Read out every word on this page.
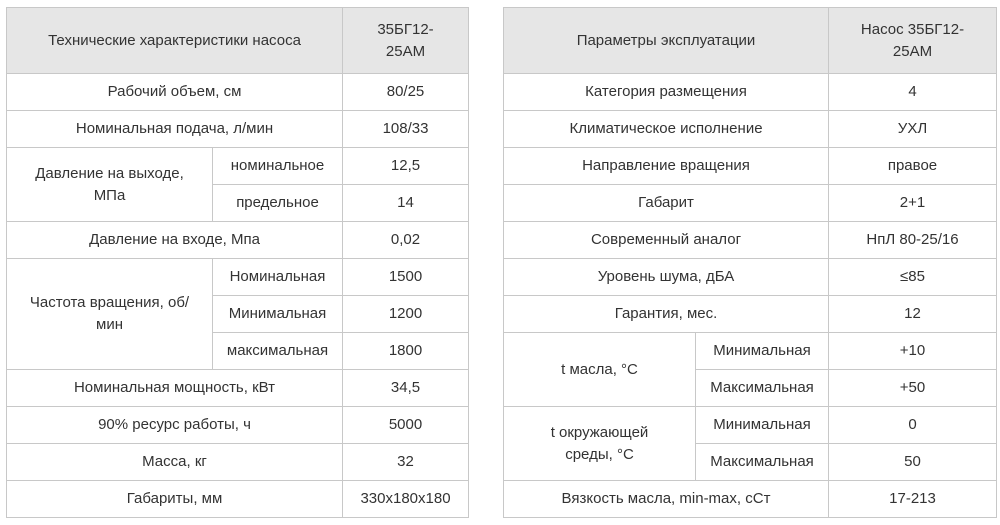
Технические характеристики насоса		35БГ12-25АМ
Рабочий объем, см		80/25
Номинальная подача, л/мин		108/33
Давление на выходе, МПа	номинальное	12,5
	предельное	14
Давление на входе, Мпа		0,02
Частота вращения, об/мин	Номинальная	1500
	Минимальная	1200
	максимальная	1800
Номинальная мощность, кВт		34,5
90% ресурс работы, ч		5000
Масса, кг		32
Габариты, мм		330x180x180
Параметры эксплуатации		Насос 35БГ12-25АМ
Категория размещения		4
Климатическое исполнение		УХЛ
Направление вращения		правое
Габарит		2+1
Современный аналог		НпЛ 80-25/16
Уровень шума, дБА		≤85
Гарантия, мес.		12
t масла, °С	Минимальная	+10
	Максимальная	+50
t окружающей среды, °С	Минимальная	0
	Максимальная	50
Вязкость масла, min-max, сСт		17-213
